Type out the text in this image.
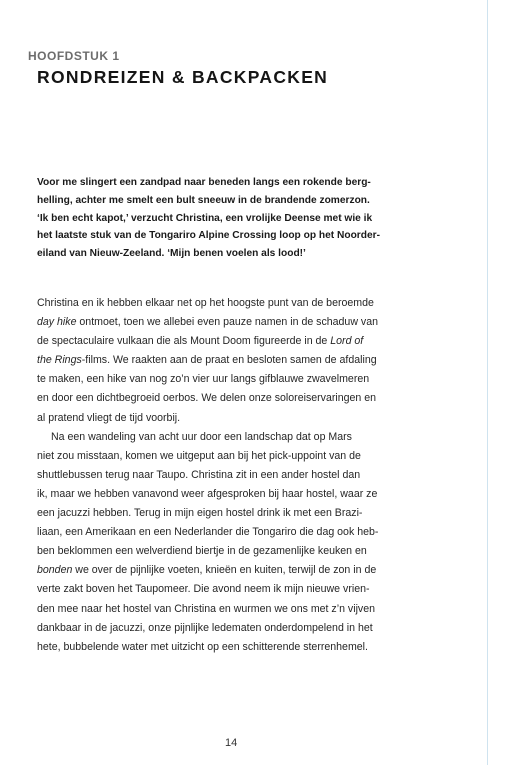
HOOFDSTUK 1

RONDREIZEN & BACKPACKEN
Voor me slingert een zandpad naar beneden langs een rokende berg-
helling, achter me smelt een bult sneeuw in de brandende zomerzon.
‘Ik ben echt kapot,’ verzucht Christina, een vrolijke Deense met wie ik
het laatste stuk van de Tongariro Alpine Crossing loop op het Noorder-
eiland van Nieuw-Zeeland. ‘Mijn benen voelen als lood!’
Christina en ik hebben elkaar net op het hoogste punt van de beroemde
day hike ontmoet, toen we allebei even pauze namen in de schaduw van
de spectaculaire vulkaan die als Mount Doom figureerde in de Lord of
the Rings-films. We raakten aan de praat en besloten samen de afdaling
te maken, een hike van nog zo’n vier uur langs gifblauwe zwavelmeren
en door een dichtbegroeid oerbos. We delen onze soloreiservaringen en
al pratend vliegt de tijd voorbij.
Na een wandeling van acht uur door een landschap dat op Mars
niet zou misstaan, komen we uitgeput aan bij het pick-uppoint van de
shuttlebussen terug naar Taupo. Christina zit in een ander hostel dan
ik, maar we hebben vanavond weer afgesproken bij haar hostel, waar ze
een jacuzzi hebben. Terug in mijn eigen hostel drink ik met een Brazi-
liaan, een Amerikaan en een Nederlander die Tongariro die dag ook heb-
ben beklommen een welverdiend biertje in de gezamenlijke keuken en
bonden we over de pijnlijke voeten, knieën en kuiten, terwijl de zon in de
verte zakt boven het Taupomeer. Die avond neem ik mijn nieuwe vrien-
den mee naar het hostel van Christina en wurmen we ons met z’n vijven
dankbaar in de jacuzzi, onze pijnlijke ledematen onderdompelend in het
hete, bubbelende water met uitzicht op een schitterende sterrenhemel.

14
